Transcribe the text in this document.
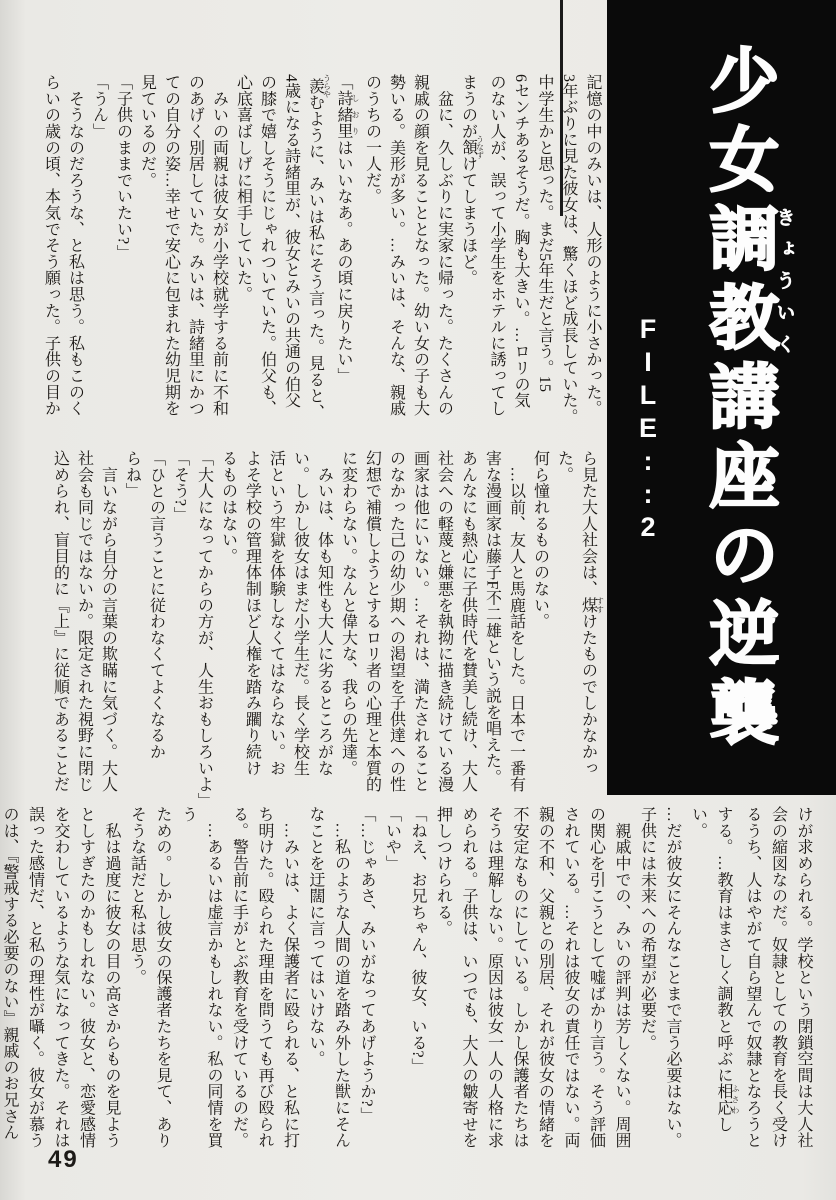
少女調教きょういく講座の逆襲
FILE::2
記憶の中のみいは、人形のように小さかった。
3年ぶりに見た彼女は、驚くほど成長していた。
中学生かと思った。まだ5年生だと言う。15
6センチあるそうだ。胸も大きい。…ロリの気
のない人が、誤って小学生をホテルに誘ってし
まうのが頷 うなずけてしまうほど。
　盆に、久しぶりに実家に帰った。たくさんの
親戚の顔を見ることとなった。幼い女の子も大
勢いる。美形が多い。…みいは、そんな、親戚
のうちの一人だ。
「詩緒里 しおりはいいなあ。あの頃に戻りたい」
羨 うらやむように、みいは私にそう言った。見ると、
4歳になる詩緒里が、彼女とみいの共通の伯父
の膝で嬉しそうにじゃれついていた。伯父も、
心底喜ばしげに相手していた。
　みいの両親は彼女が小学校就学する前に不和
のあげく別居していた。みいは、詩緒里にかつ
ての自分の姿…幸せで安心に包まれた幼児期を
見ているのだ。
「子供のままでいたい?」
「うん」
　そうなのだろうな、と私は思う。私もこのく
らいの歳の頃、本気でそう願った。子供の目か
ら見た大人社会は、煤 すすけたものでしかなかった。
何ら憧れるもののない。
　…以前、友人と馬鹿話をした。日本で一番有
害な漫画家は藤子F不二雄という説を唱えた。
あんなにも熱心に子供時代を賛美し続け、大人
社会への軽蔑と嫌悪を執拗に描き続けている漫
画家は他にいない。…それは、満たされること
のなかった己の幼少期への渇望を子供達への性
幻想で補償しようとするロリ者の心理と本質的
に変わらない。なんと偉大な、我らの先達。
　みいは、体も知性も大人に劣るところがな
い。しかし彼女はまだ小学生だ。長く学校生
活という牢獄を体験しなくてはならない。お
よそ学校の管理体制ほど人権を踏み躙り続け
るものはない。
「大人になってからの方が、人生おもしろいよ」
「そう?」
「ひとの言うことに従わなくてよくなるか
らね」
　言いながら自分の言葉の欺瞞に気づく。大人
社会も同じではないか。限定された視野に閉じ
込められ、盲目的に『上』に従順であることだ
けが求められる。学校という閉鎖空間は大人社
会の縮図なのだ。奴隷としての教育を長く受け
るうち、人はやがて自ら望んで奴隷となろうと
する。…教育はまさしく調教と呼ぶに相応 ふさわしい。
…だが彼女にそんなことまで言う必要はない。
子供には未来への希望が必要だ。
　親戚中での、みいの評判は芳しくない。周囲
の関心を引こうとして嘘ばかり言う。そう評価
されている。…それは彼女の責任ではない。両
親の不和、父親との別居、それが彼女の情緒を
不安定なものにしている。しかし保護者たちは
そうは理解しない。原因は彼女一人の人格に求
められる。子供は、いつでも、大人の皺寄せを
押しつけられる。
「ねえ、お兄ちゃん、彼女、いる?」
「いや」
「…じゃあさ、みいがなってあげようか?」
　…私のような人間の道を踏み外した獣にそん
なことを迂闊に言ってはいけない。
　…みいは、よく保護者に殴られる、と私に打
ち明けた。殴られた理由を問うても再び殴られ
る。警告前に手がとぶ教育を受けているのだ。
　…あるいは虚言かもしれない。私の同情を買う
ための。しかし彼女の保護者たちを見て、あり
そうな話だと私は思う。
　私は過度に彼女の目の高さからものを見よう
としすぎたのかもしれない。彼女と、恋愛感情
を交わしているような気になってきた。それは
誤った感情だ、と私の理性が囁く。彼女が慕う
のは、『警戒する必要のない』親戚のお兄さん
49
